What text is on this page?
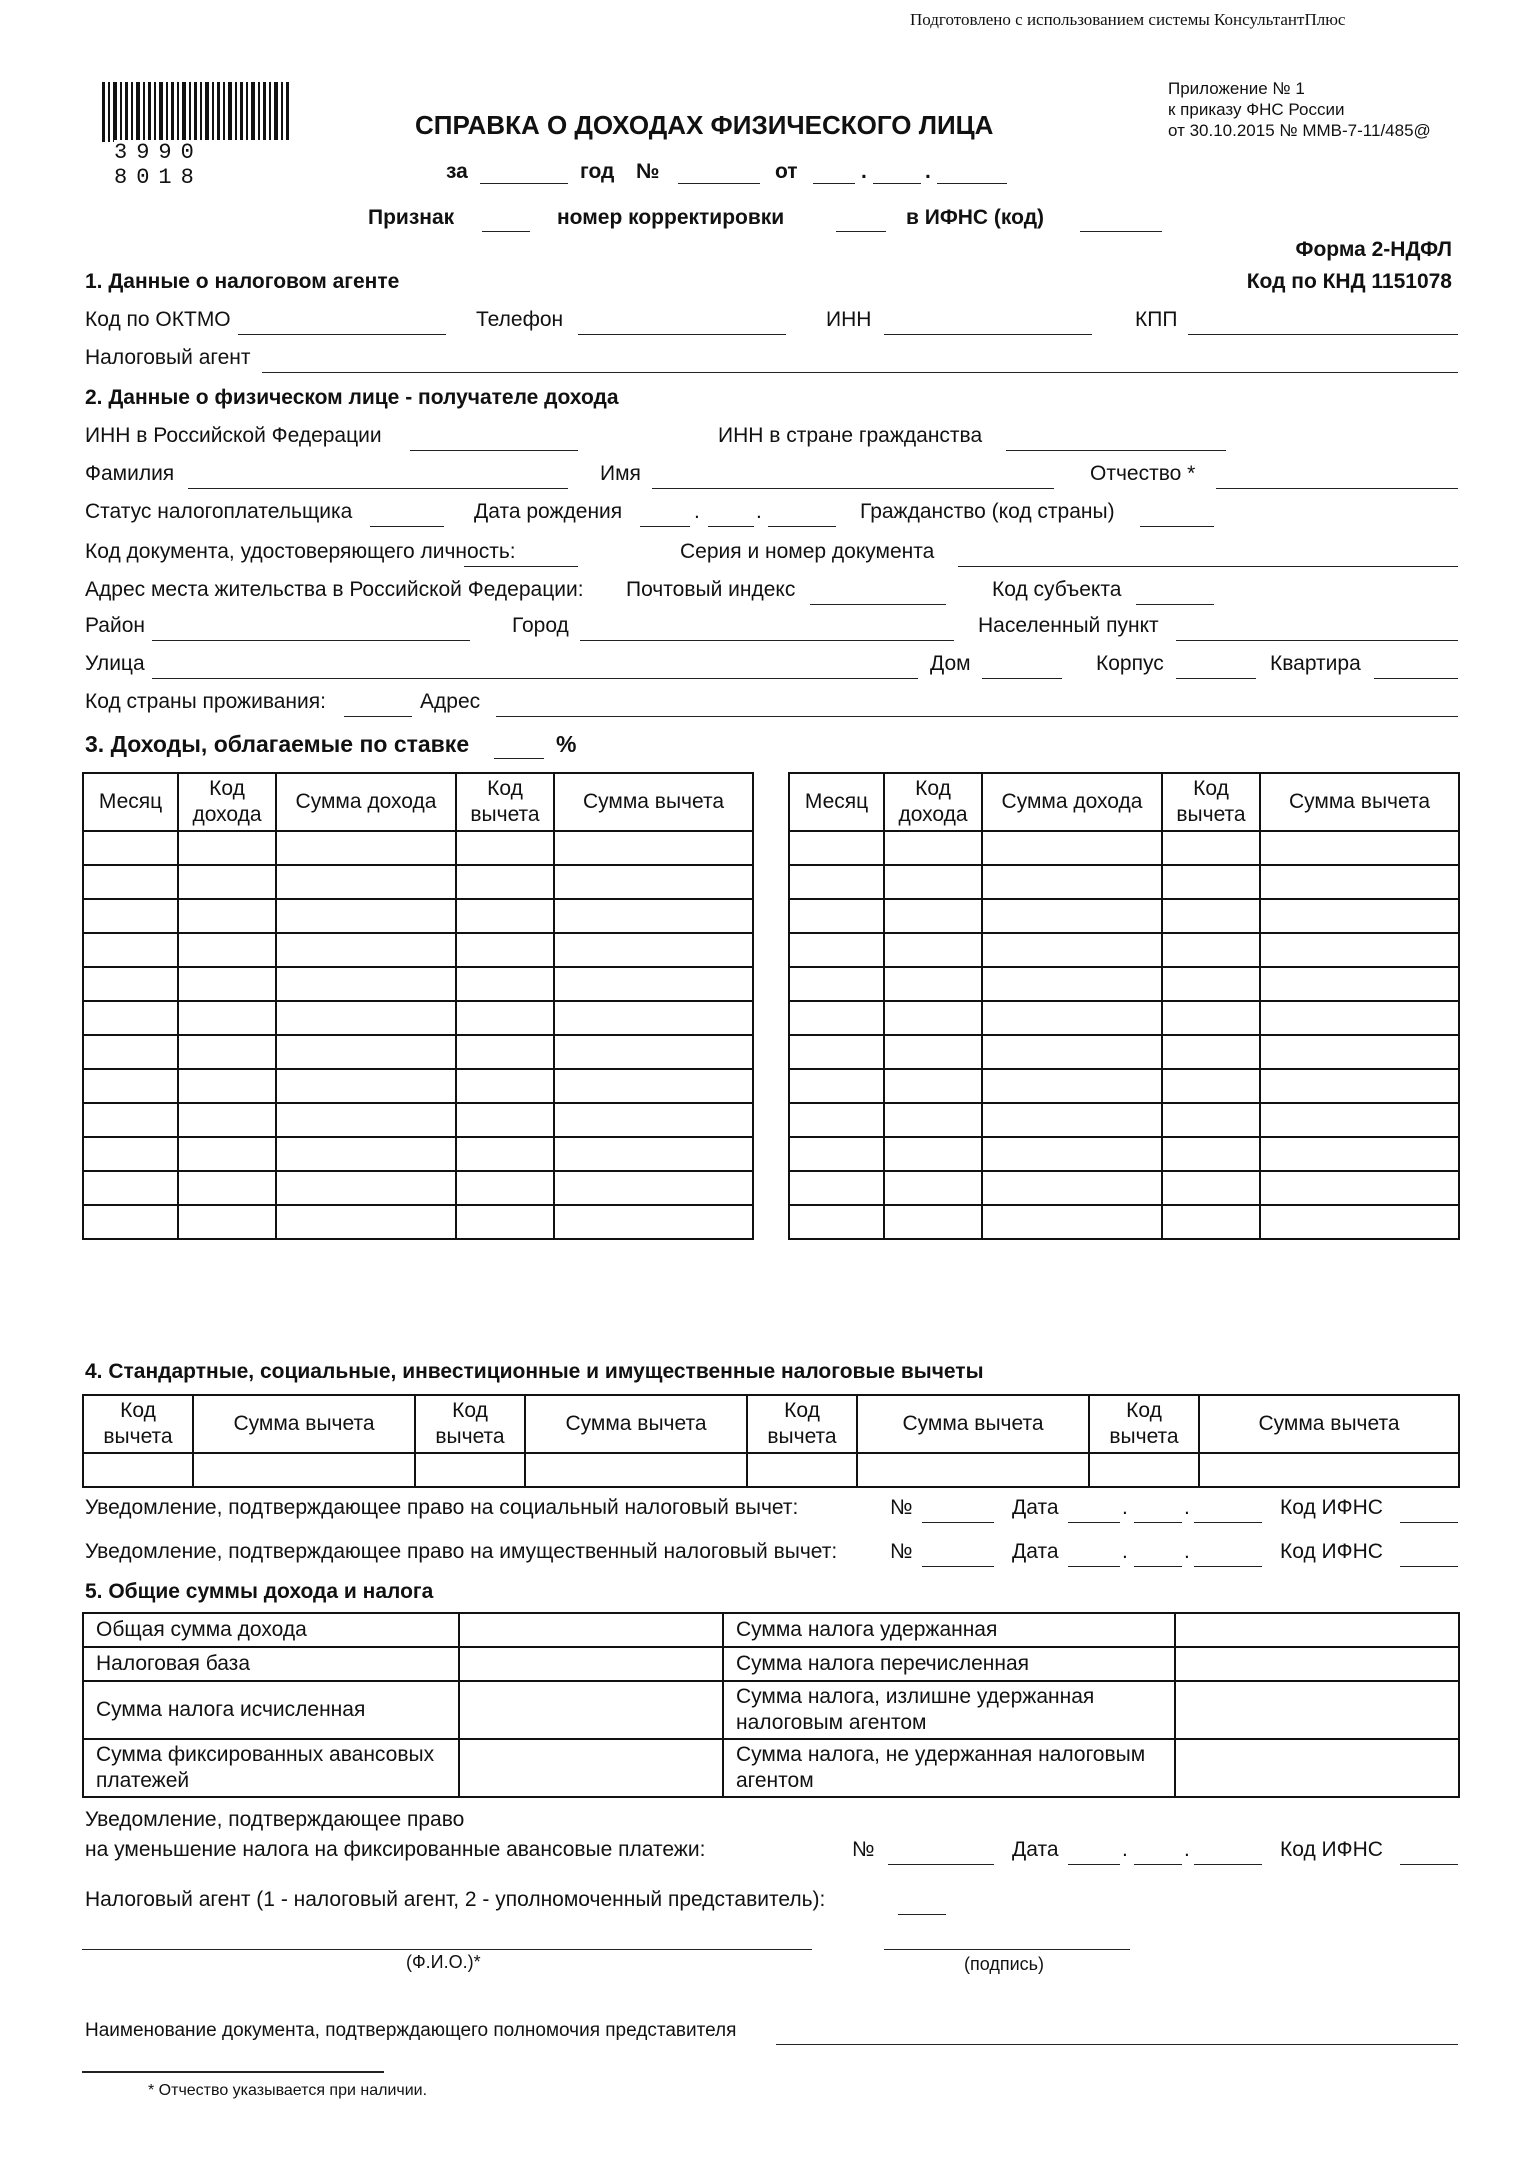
Подготовлено с использованием системы КонсультантПлюс
3990 8018
Приложение № 1
к приказу ФНС России
от 30.10.2015 № ММВ-7-11/485@
СПРАВКА О ДОХОДАХ ФИЗИЧЕСКОГО ЛИЦА
за	год №	от	.	.
Признак	номер корректировки	в ИФНС (код)
Форма 2-НДФЛ
Код по КНД 1151078
1. Данные о налоговом агенте
Код по ОКТМО	Телефон	ИНН	КПП
Налоговый агент
2. Данные о физическом лице - получателе дохода
ИНН в Российской Федерации	ИНН в стране гражданства
Фамилия	Имя	Отчество *
Статус налогоплательщика	Дата рождения	.	.	Гражданство (код страны)
Код документа, удостоверяющего личность:	Серия и номер документа
Адрес места жительства в Российской Федерации: Почтовый индекс	Код субъекта
Район	Город	Населенный пункт
Улица	Дом	Корпус	Квартира
Код страны проживания:	Адрес
3. Доходы, облагаемые по ставке	%
Месяц	Код дохода	Сумма дохода	Код вычета	Сумма вычета

					Месяц	Код дохода	Сумма дохода	Код вычета	Сумма вычета

4. Стандартные, социальные, инвестиционные и имущественные налоговые вычеты
Код вычета	Сумма вычета	Код вычета	Сумма вычета	Код вычета	Сумма вычета	Код вычета	Сумма вычета

Уведомление, подтверждающее право на социальный налоговый вычет:	№	Дата	.	.	Код ИФНС
Уведомление, подтверждающее право на имущественный налоговый вычет:	№	Дата	.	.	Код ИФНС
5. Общие суммы дохода и налога
Общая сумма дохода		Сумма налога удержанная	
Налоговая база		Сумма налога перечисленная	
Сумма налога исчисленная		Сумма налога, излишне удержанная налоговым агентом	
Сумма фиксированных авансовых платежей		Сумма налога, не удержанная налоговым агентом	
Уведомление, подтверждающее право
на уменьшение налога на фиксированные авансовые платежи:	№	Дата	.	.	Код ИФНС
Налоговый агент (1 - налоговый агент, 2 - уполномоченный представитель):
(Ф.И.О.)*	(подпись)
Наименование документа, подтверждающего полномочия представителя
* Отчество указывается при наличии.
